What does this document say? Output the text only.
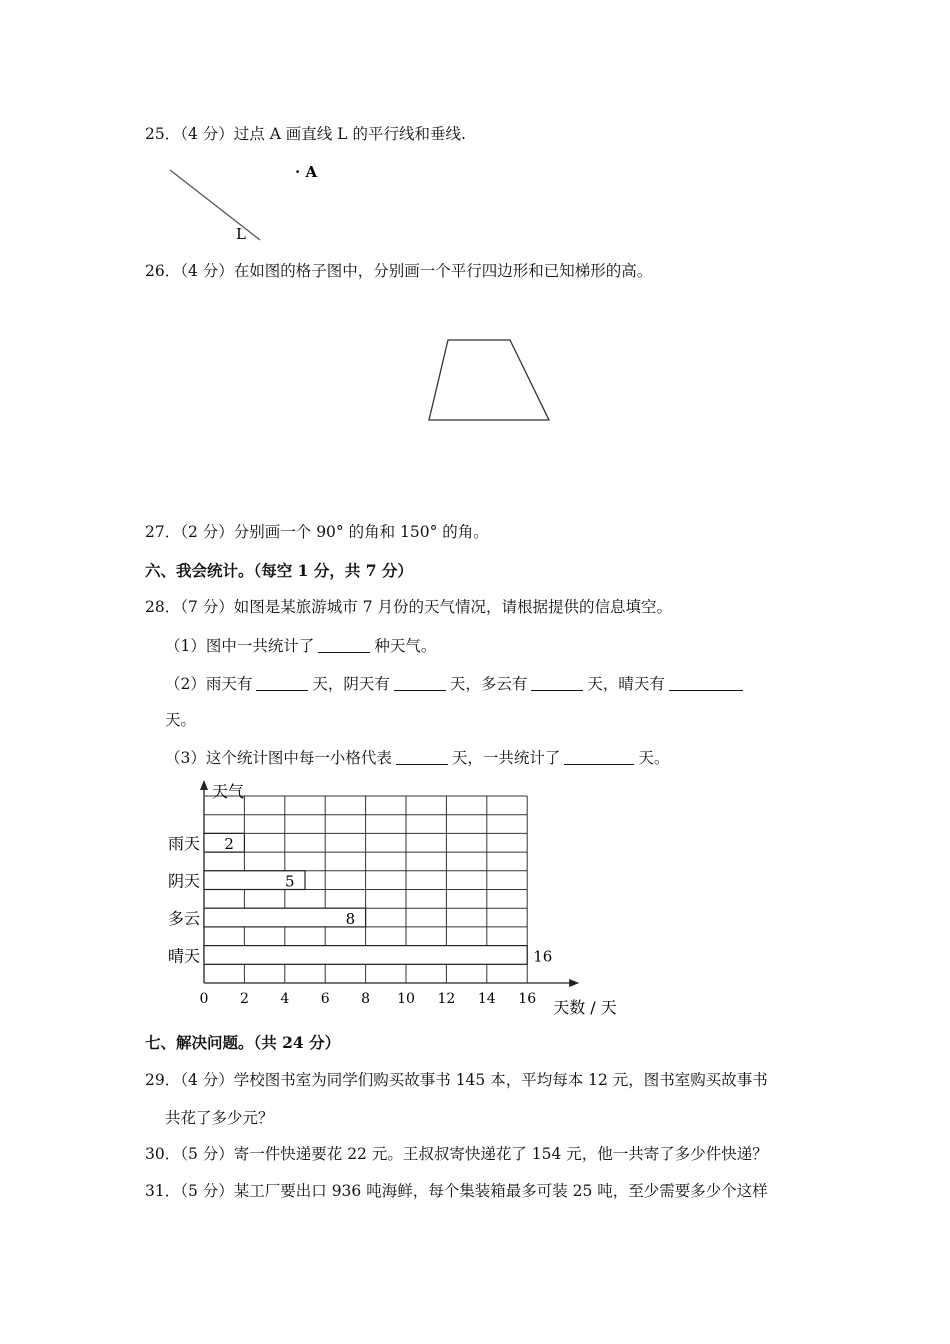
25．（4 分）过点 A 画直线 L 的平行线和垂线.
· A
L
26．（4 分）在如图的格子图中，分别画一个平行四边形和已知梯形的高。
27．（2 分）分别画一个 90° 的角和 150° 的角。
六、我会统计。（每空 1 分，共 7 分）
28．（7 分）如图是某旅游城市 7 月份的天气情况，请根据提供的信息填空。
（1）图中一共统计了	种天气。
（2）雨天有	天，阴天有	天，多云有	天，晴天有
天。
（3）这个统计图中每一小格代表	天，一共统计了	天。
天气
天数 / 天
0 2 4 6 8 10 12 14 16
雨天 2
阴天	5
多云	8
晴天	16
七、解决问题。（共 24 分）
29．（4 分）学校图书室为同学们购买故事书 145 本，平均每本 12 元，图书室购买故事书
共花了多少元？
30．（5 分）寄一件快递要花 22 元。王叔叔寄快递花了 154 元，他一共寄了多少件快递？
31．（5 分）某工厂要出口 936 吨海鲜，每个集装箱最多可装 25 吨，至少需要多少个这样
